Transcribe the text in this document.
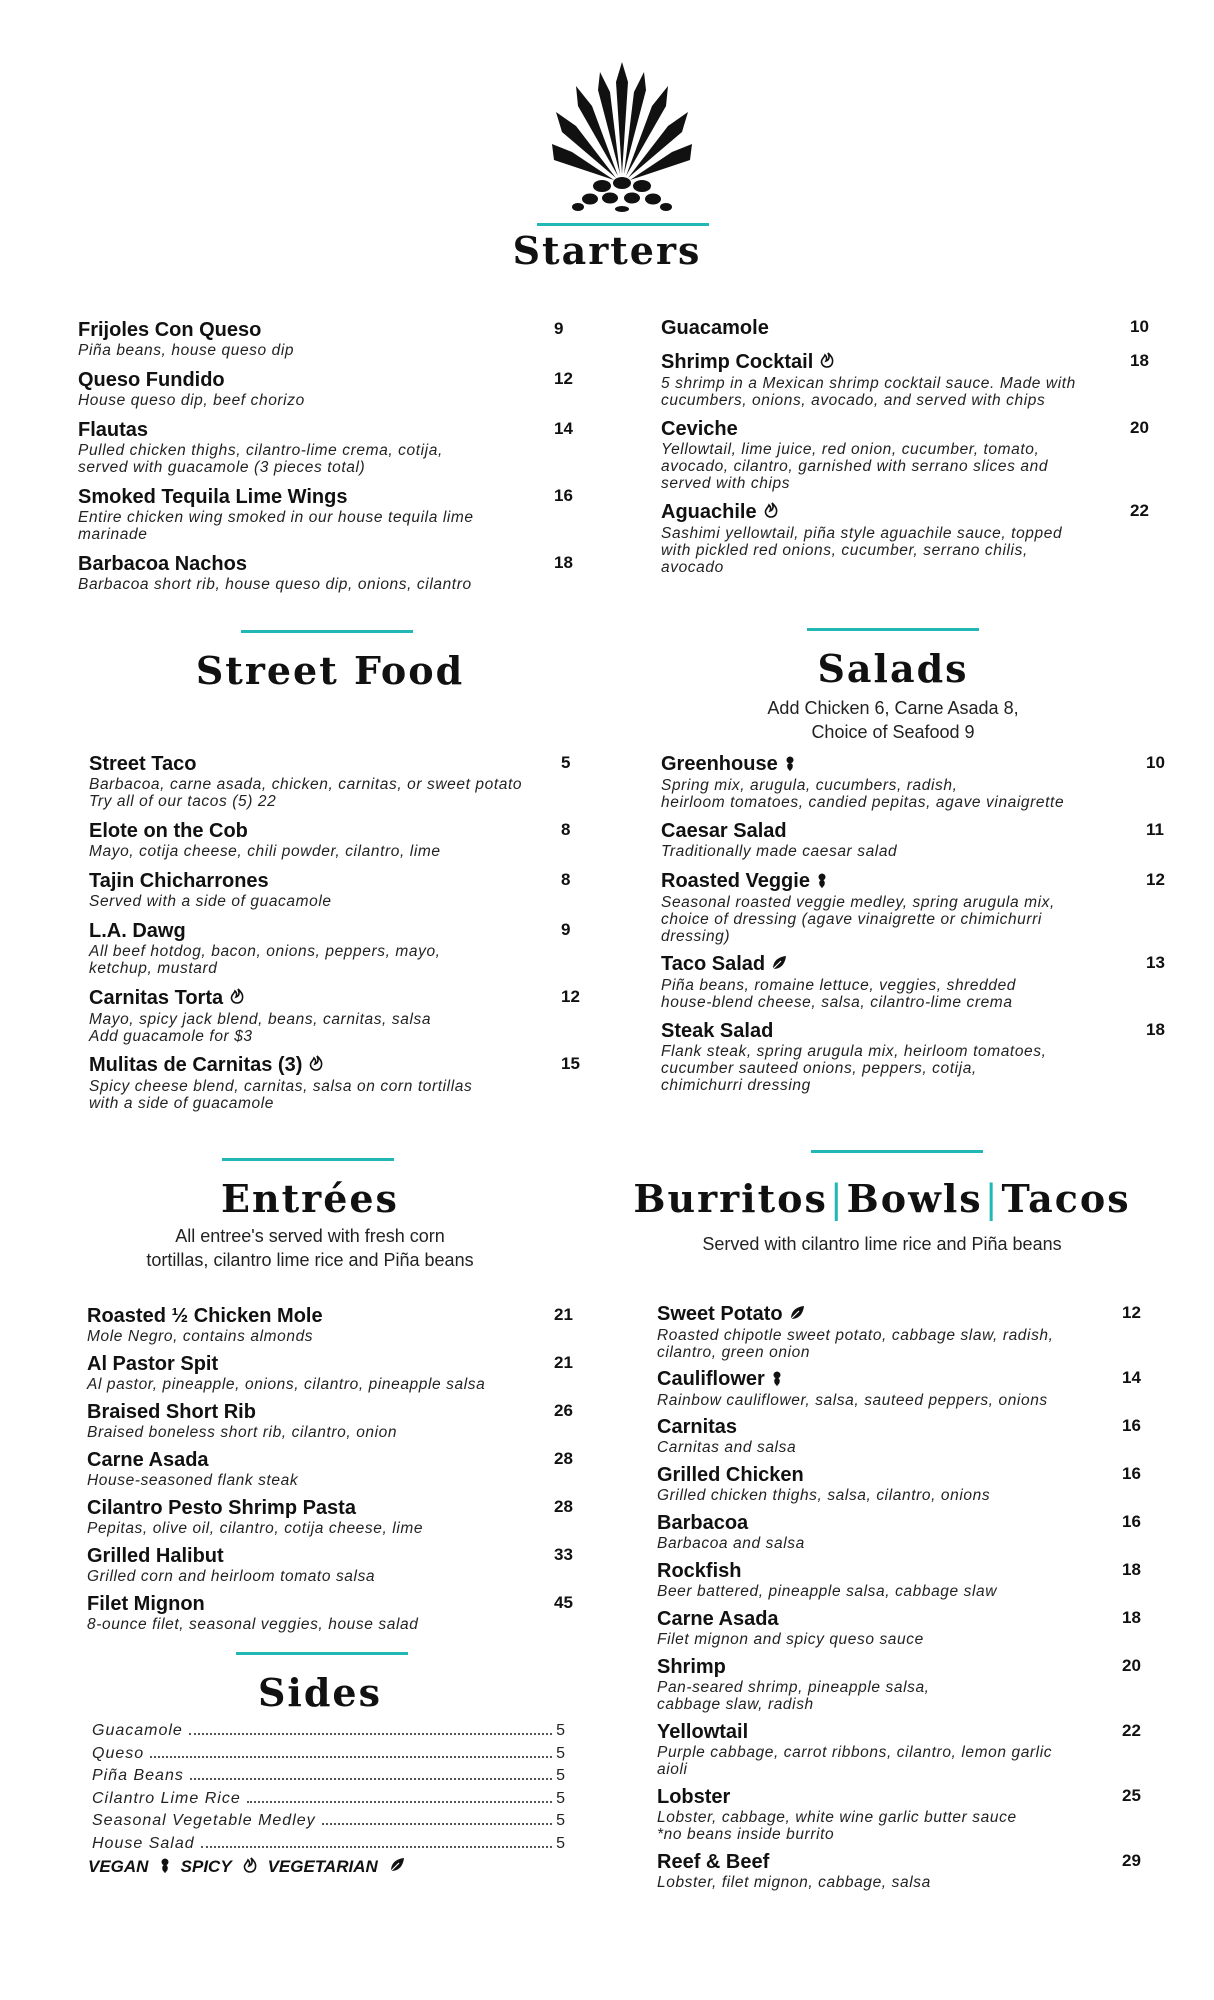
Starters
Frijoles Con Queso	9
Piña beans, house queso dip
Queso Fundido	12
House queso dip, beef chorizo
Flautas	14
Pulled chicken thighs, cilantro-lime crema, cotija,
served with guacamole (3 pieces total)
Smoked Tequila Lime Wings	16
Entire chicken wing smoked in our house tequila lime
marinade
Barbacoa Nachos	18
Barbacoa short rib, house queso dip, onions, cilantro
Guacamole	10
Shrimp Cocktail	18
5 shrimp in a Mexican shrimp cocktail sauce. Made with
cucumbers, onions, avocado, and served with chips
Ceviche	20
Yellowtail, lime juice, red onion, cucumber, tomato,
avocado, cilantro, garnished with serrano slices and
served with chips
Aguachile	22
Sashimi yellowtail, piña style aguachile sauce, topped
with pickled red onions, cucumber, serrano chilis,
avocado
Street Food
Street Taco	5
Barbacoa, carne asada, chicken, carnitas, or sweet potato
Try all of our tacos (5) 22
Elote on the Cob	8
Mayo, cotija cheese, chili powder, cilantro, lime
Tajin Chicharrones	8
Served with a side of guacamole
L.A. Dawg	9
All beef hotdog, bacon, onions, peppers, mayo,
ketchup, mustard
Carnitas Torta	12
Mayo, spicy jack blend, beans, carnitas, salsa
Add guacamole for $3
Mulitas de Carnitas (3)	15
Spicy cheese blend, carnitas, salsa on corn tortillas
with a side of guacamole
Salads
Add Chicken 6, Carne Asada 8,
Choice of Seafood 9
Greenhouse	10
Spring mix, arugula, cucumbers, radish,
heirloom tomatoes, candied pepitas, agave vinaigrette
Caesar Salad	11
Traditionally made caesar salad
Roasted Veggie	12
Seasonal roasted veggie medley, spring arugula mix,
choice of dressing (agave vinaigrette or chimichurri
dressing)
Taco Salad	13
Piña beans, romaine lettuce, veggies, shredded
house-blend cheese, salsa, cilantro-lime crema
Steak Salad	18
Flank steak, spring arugula mix, heirloom tomatoes,
cucumber sauteed onions, peppers, cotija,
chimichurri dressing
Entrées
All entree's served with fresh corn
tortillas, cilantro lime rice and Piña beans
Roasted ½ Chicken Mole	21
Mole Negro, contains almonds
Al Pastor Spit	21
Al pastor, pineapple, onions, cilantro, pineapple salsa
Braised Short Rib	26
Braised boneless short rib, cilantro, onion
Carne Asada	28
House-seasoned flank steak
Cilantro Pesto Shrimp Pasta	28
Pepitas, olive oil, cilantro, cotija cheese, lime
Grilled Halibut	33
Grilled corn and heirloom tomato salsa
Filet Mignon	45
8-ounce filet, seasonal veggies, house salad
Burritos|Bowls|Tacos
Served with cilantro lime rice and Piña beans
Sweet Potato	12
Roasted chipotle sweet potato, cabbage slaw, radish,
cilantro, green onion
Cauliflower	14
Rainbow cauliflower, salsa, sauteed peppers, onions
Carnitas	16
Carnitas and salsa
Grilled Chicken	16
Grilled chicken thighs, salsa, cilantro, onions
Barbacoa	16
Barbacoa and salsa
Rockfish	18
Beer battered, pineapple salsa, cabbage slaw
Carne Asada	18
Filet mignon and spicy queso sauce
Shrimp	20
Pan-seared shrimp, pineapple salsa,
cabbage slaw, radish
Yellowtail	22
Purple cabbage, carrot ribbons, cilantro, lemon garlic
aioli
Lobster	25
Lobster, cabbage, white wine garlic butter sauce
*no beans inside burrito
Reef & Beef	29
Lobster, filet mignon, cabbage, salsa
Sides
Guacamole	5
Queso	5
Piña Beans	5
Cilantro Lime Rice	5
Seasonal Vegetable Medley	5
House Salad	5
VEGAN SPICY VEGETARIAN
